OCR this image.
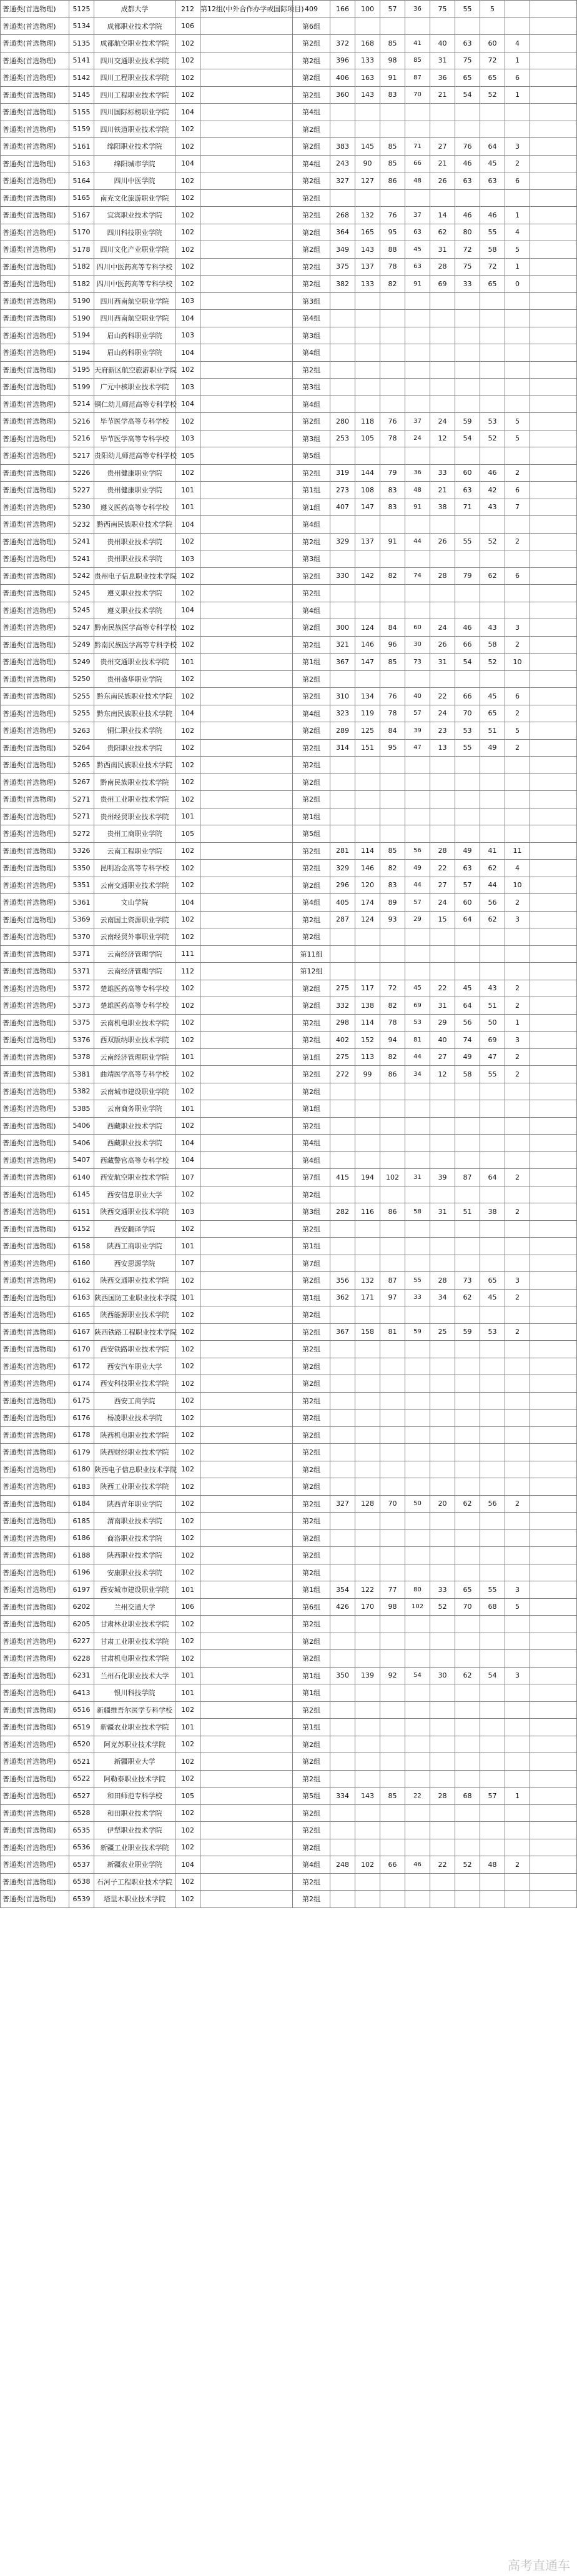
普通类(首选物理)	5125	成都大学	212	第12组(中外合作办学或国际项目)	409	166	100	57	36	75	55	5		
普通类(首选物理)	5134	成都职业技术学院	106		第6组									
普通类(首选物理)	5135	成都航空职业技术学院	102		第2组	372	168	85	41	40	63	60	4	
普通类(首选物理)	5141	四川交通职业技术学院	102		第2组	396	133	98	85	31	75	72	1	
普通类(首选物理)	5142	四川工程职业技术学院	102		第2组	406	163	91	87	36	65	65	6	
普通类(首选物理)	5145	四川工程职业技术学院	102		第2组	360	143	83	70	21	54	52	1	
普通类(首选物理)	5155	四川国际标榜职业学院	104		第4组									
普通类(首选物理)	5159	四川铁道职业技术学院	102		第2组									
普通类(首选物理)	5161	绵阳职业技术学院	102		第2组	383	145	85	71	27	76	64	3	
普通类(首选物理)	5163	绵阳城市学院	104		第4组	243	90	85	66	21	46	45	2	
普通类(首选物理)	5164	四川中医学院	102		第2组	327	127	86	48	26	63	63	6	
普通类(首选物理)	5165	南充文化旅游职业学院	102		第2组									
普通类(首选物理)	5167	宜宾职业技术学院	102		第2组	268	132	76	37	14	46	46	1	
普通类(首选物理)	5170	四川科技职业学院	102		第2组	364	165	95	63	62	80	55	4	
普通类(首选物理)	5178	四川文化产业职业学院	102		第2组	349	143	88	45	31	72	58	5	
普通类(首选物理)	5182	四川中医药高等专科学校	102		第2组	375	137	78	63	28	75	72	1	
普通类(首选物理)	5182	四川中医药高等专科学校	102		第2组	382	133	82	91	69	33	65	0	
普通类(首选物理)	5190	四川西南航空职业学院	103		第3组									
普通类(首选物理)	5190	四川西南航空职业学院	104		第4组									
普通类(首选物理)	5194	眉山药科职业学院	103		第3组									
普通类(首选物理)	5194	眉山药科职业学院	104		第4组									
普通类(首选物理)	5195	天府新区航空旅游职业学院	102		第2组									
普通类(首选物理)	5199	广元中核职业技术学院	103		第3组									
普通类(首选物理)	5214	铜仁幼儿师范高等专科学校	104		第4组									
普通类(首选物理)	5216	毕节医学高等专科学校	102		第2组	280	118	76	37	24	59	53	5	
普通类(首选物理)	5216	毕节医学高等专科学校	103		第3组	253	105	78	24	12	54	52	5	
普通类(首选物理)	5217	贵阳幼儿师范高等专科学校	105		第5组									
普通类(首选物理)	5226	贵州健康职业学院	102		第2组	319	144	79	36	33	60	46	2	
普通类(首选物理)	5227	贵州健康职业学院	101		第1组	273	108	83	48	21	63	42	6	
普通类(首选物理)	5230	遵义医药高等专科学校	101		第1组	407	147	83	91	38	71	43	7	
普通类(首选物理)	5232	黔西南民族职业技术学院	104		第4组									
普通类(首选物理)	5241	贵州职业技术学院	102		第2组	329	137	91	44	26	55	52	2	
普通类(首选物理)	5241	贵州职业技术学院	103		第3组									
普通类(首选物理)	5242	贵州电子信息职业技术学院	102		第2组	330	142	82	74	28	79	62	6	
普通类(首选物理)	5245	遵义职业技术学院	102		第2组									
普通类(首选物理)	5245	遵义职业技术学院	104		第4组									
普通类(首选物理)	5247	黔南民族医学高等专科学校	102		第2组	300	124	84	60	24	46	43	3	
普通类(首选物理)	5249	黔南民族医学高等专科学校	102		第2组	321	146	96	30	26	66	58	2	
普通类(首选物理)	5249	贵州交通职业技术学院	101		第1组	367	147	85	73	31	54	52	10	
普通类(首选物理)	5250	贵州盛华职业学院	102		第2组									
普通类(首选物理)	5255	黔东南民族职业技术学院	102		第2组	310	134	76	40	22	66	45	6	
普通类(首选物理)	5255	黔东南民族职业技术学院	104		第4组	323	119	78	57	24	70	65	2	
普通类(首选物理)	5263	铜仁职业技术学院	102		第2组	289	125	84	39	23	53	51	5	
普通类(首选物理)	5264	贵阳职业技术学院	102		第2组	314	151	95	47	13	55	49	2	
普通类(首选物理)	5265	黔西南民族职业技术学院	102		第2组									
普通类(首选物理)	5267	黔南民族职业技术学院	102		第2组									
普通类(首选物理)	5271	贵州工业职业技术学院	102		第2组									
普通类(首选物理)	5271	贵州经贸职业技术学院	101		第1组									
普通类(首选物理)	5272	贵州工商职业学院	105		第5组									
普通类(首选物理)	5326	云南工程职业学院	102		第2组	281	114	85	56	28	49	41	11	
普通类(首选物理)	5350	昆明冶金高等专科学校	102		第2组	329	146	82	49	22	63	62	4	
普通类(首选物理)	5351	云南交通职业技术学院	102		第2组	296	120	83	44	27	57	44	10	
普通类(首选物理)	5361	文山学院	104		第4组	405	174	89	57	24	60	56	2	
普通类(首选物理)	5369	云南国土资源职业学院	102		第2组	287	124	93	29	15	64	62	3	
普通类(首选物理)	5370	云南经贸外事职业学院	102		第2组									
普通类(首选物理)	5371	云南经济管理学院	111		第11组									
普通类(首选物理)	5371	云南经济管理学院	112		第12组									
普通类(首选物理)	5372	楚雄医药高等专科学校	102		第2组	275	117	72	45	22	45	43	2	
普通类(首选物理)	5373	楚雄医药高等专科学校	102		第2组	332	138	82	69	31	64	51	2	
普通类(首选物理)	5375	云南机电职业技术学院	102		第2组	298	114	78	53	29	56	50	1	
普通类(首选物理)	5376	西双版纳职业技术学院	102		第2组	402	152	94	81	40	74	69	3	
普通类(首选物理)	5378	云南经济管理职业学院	101		第1组	275	113	82	44	27	49	47	2	
普通类(首选物理)	5381	曲靖医学高等专科学校	102		第2组	272	99	86	34	12	58	55	2	
普通类(首选物理)	5382	云南城市建设职业学院	102		第2组									
普通类(首选物理)	5385	云南商务职业学院	101		第1组									
普通类(首选物理)	5406	西藏职业技术学院	102		第2组									
普通类(首选物理)	5406	西藏职业技术学院	104		第4组									
普通类(首选物理)	5407	西藏警官高等专科学校	104		第4组									
普通类(首选物理)	6140	西安航空职业技术学院	107		第7组	415	194	102	31	39	87	64	2	
普通类(首选物理)	6145	西安信息职业大学	102		第2组									
普通类(首选物理)	6151	陕西交通职业技术学院	103		第3组	282	116	86	58	31	51	38	2	
普通类(首选物理)	6152	西安翻译学院	102		第2组									
普通类(首选物理)	6158	陕西工商职业学院	101		第1组									
普通类(首选物理)	6160	西安思源学院	107		第7组									
普通类(首选物理)	6162	陕西交通职业技术学院	102		第2组	356	132	87	55	28	73	65	3	
普通类(首选物理)	6163	陕西国防工业职业技术学院	101		第1组	362	171	97	33	34	62	45	2	
普通类(首选物理)	6165	陕西能源职业技术学院	102		第2组									
普通类(首选物理)	6167	陕西铁路工程职业技术学院	102		第2组	367	158	81	59	25	59	53	2	
普通类(首选物理)	6170	西安铁路职业技术学院	102		第2组									
普通类(首选物理)	6172	西安汽车职业大学	102		第2组									
普通类(首选物理)	6174	西安科技职业技术学院	102		第2组									
普通类(首选物理)	6175	西安工商学院	102		第2组									
普通类(首选物理)	6176	杨凌职业技术学院	102		第2组									
普通类(首选物理)	6178	陕西机电职业技术学院	102		第2组									
普通类(首选物理)	6179	陕西财经职业技术学院	102		第2组									
普通类(首选物理)	6180	陕西电子信息职业技术学院	102		第2组									
普通类(首选物理)	6183	陕西工业职业技术学院	102		第2组									
普通类(首选物理)	6184	陕西青年职业学院	102		第2组	327	128	70	50	20	62	56	2	
普通类(首选物理)	6185	渭南职业技术学院	102		第2组									
普通类(首选物理)	6186	商洛职业技术学院	102		第2组									
普通类(首选物理)	6188	陕西职业技术学院	102		第2组									
普通类(首选物理)	6196	安康职业技术学院	102		第2组									
普通类(首选物理)	6197	西安城市建设职业学院	101		第1组	354	122	77	80	33	65	55	3	
普通类(首选物理)	6202	兰州交通大学	106		第6组	426	170	98	102	52	70	68	5	
普通类(首选物理)	6205	甘肃林业职业技术学院	102		第2组									
普通类(首选物理)	6227	甘肃工业职业技术学院	102		第2组									
普通类(首选物理)	6228	甘肃机电职业技术学院	102		第2组									
普通类(首选物理)	6231	兰州石化职业技术大学	101		第1组	350	139	92	54	30	62	54	3	
普通类(首选物理)	6413	银川科技学院	101		第1组									
普通类(首选物理)	6516	新疆维吾尔医学专科学校	102		第2组									
普通类(首选物理)	6519	新疆农业职业技术学院	101		第1组									
普通类(首选物理)	6520	阿克苏职业技术学院	102		第2组									
普通类(首选物理)	6521	新疆职业大学	102		第2组									
普通类(首选物理)	6522	阿勒泰职业技术学院	102		第2组									
普通类(首选物理)	6527	和田师范专科学校	105		第5组	334	143	85	22	28	68	57	1	
普通类(首选物理)	6528	和田职业技术学院	102		第2组									
普通类(首选物理)	6535	伊犁职业技术学院	102		第2组									
普通类(首选物理)	6536	新疆工业职业技术学院	102		第2组									
普通类(首选物理)	6537	新疆农业职业学院	104		第4组	248	102	66	46	22	52	48	2	
普通类(首选物理)	6538	石河子工程职业技术学院	102		第2组									
普通类(首选物理)	6539	塔里木职业技术学院	102		第2组									
高考直通车
